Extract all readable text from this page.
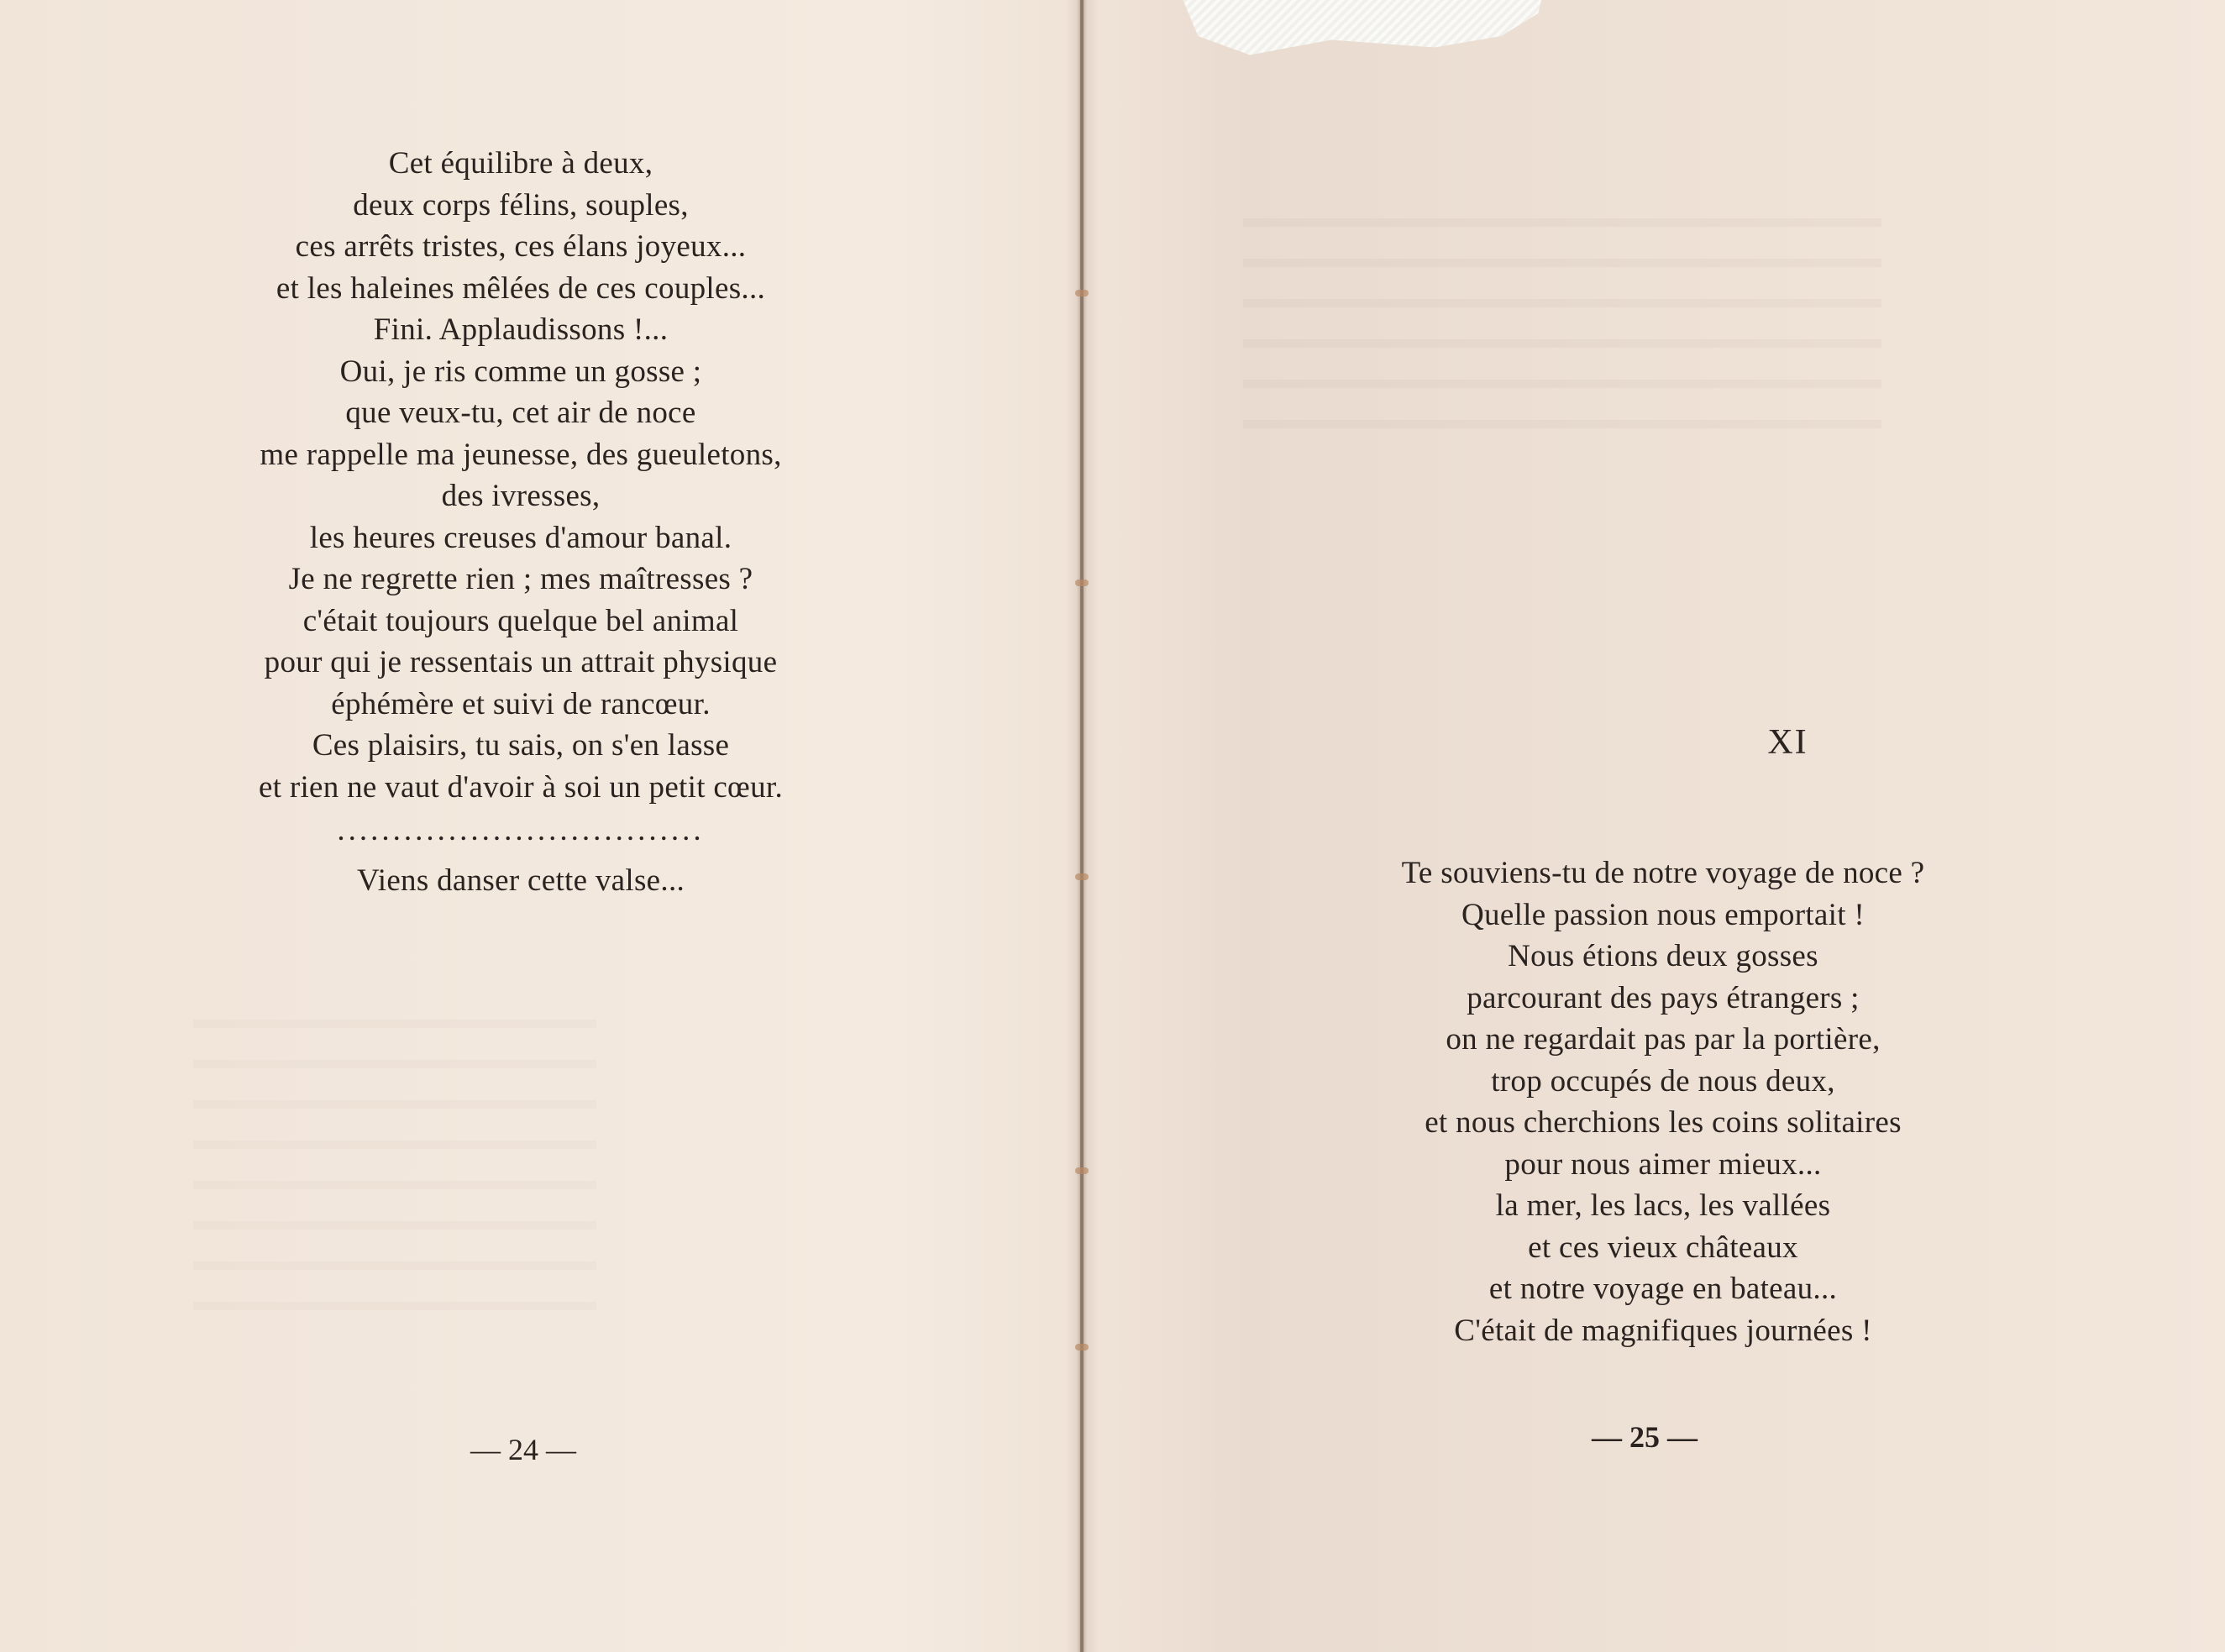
Cet équilibre à deux,
deux corps félins, souples,
ces arrêts tristes, ces élans joyeux...
et les haleines mêlées de ces couples...
Fini. Applaudissons !...
Oui, je ris comme un gosse ;
que veux-tu, cet air de noce
me rappelle ma jeunesse, des gueuletons,
des ivresses,
les heures creuses d'amour banal.
Je ne regrette rien ; mes maîtresses ?
c'était toujours quelque bel animal
pour qui je ressentais un attrait physique
éphémère et suivi de rancœur.
Ces plaisirs, tu sais, on s'en lasse
et rien ne vaut d'avoir à soi un petit cœur.
.................................
Viens danser cette valse...
— 24 —
XI
Te souviens-tu de notre voyage de noce ?
Quelle passion nous emportait !
Nous étions deux gosses
parcourant des pays étrangers ;
on ne regardait pas par la portière,
trop occupés de nous deux,
et nous cherchions les coins solitaires
pour nous aimer mieux...
la mer, les lacs, les vallées
et ces vieux châteaux
et notre voyage en bateau...
C'était de magnifiques journées !
— 25 —
